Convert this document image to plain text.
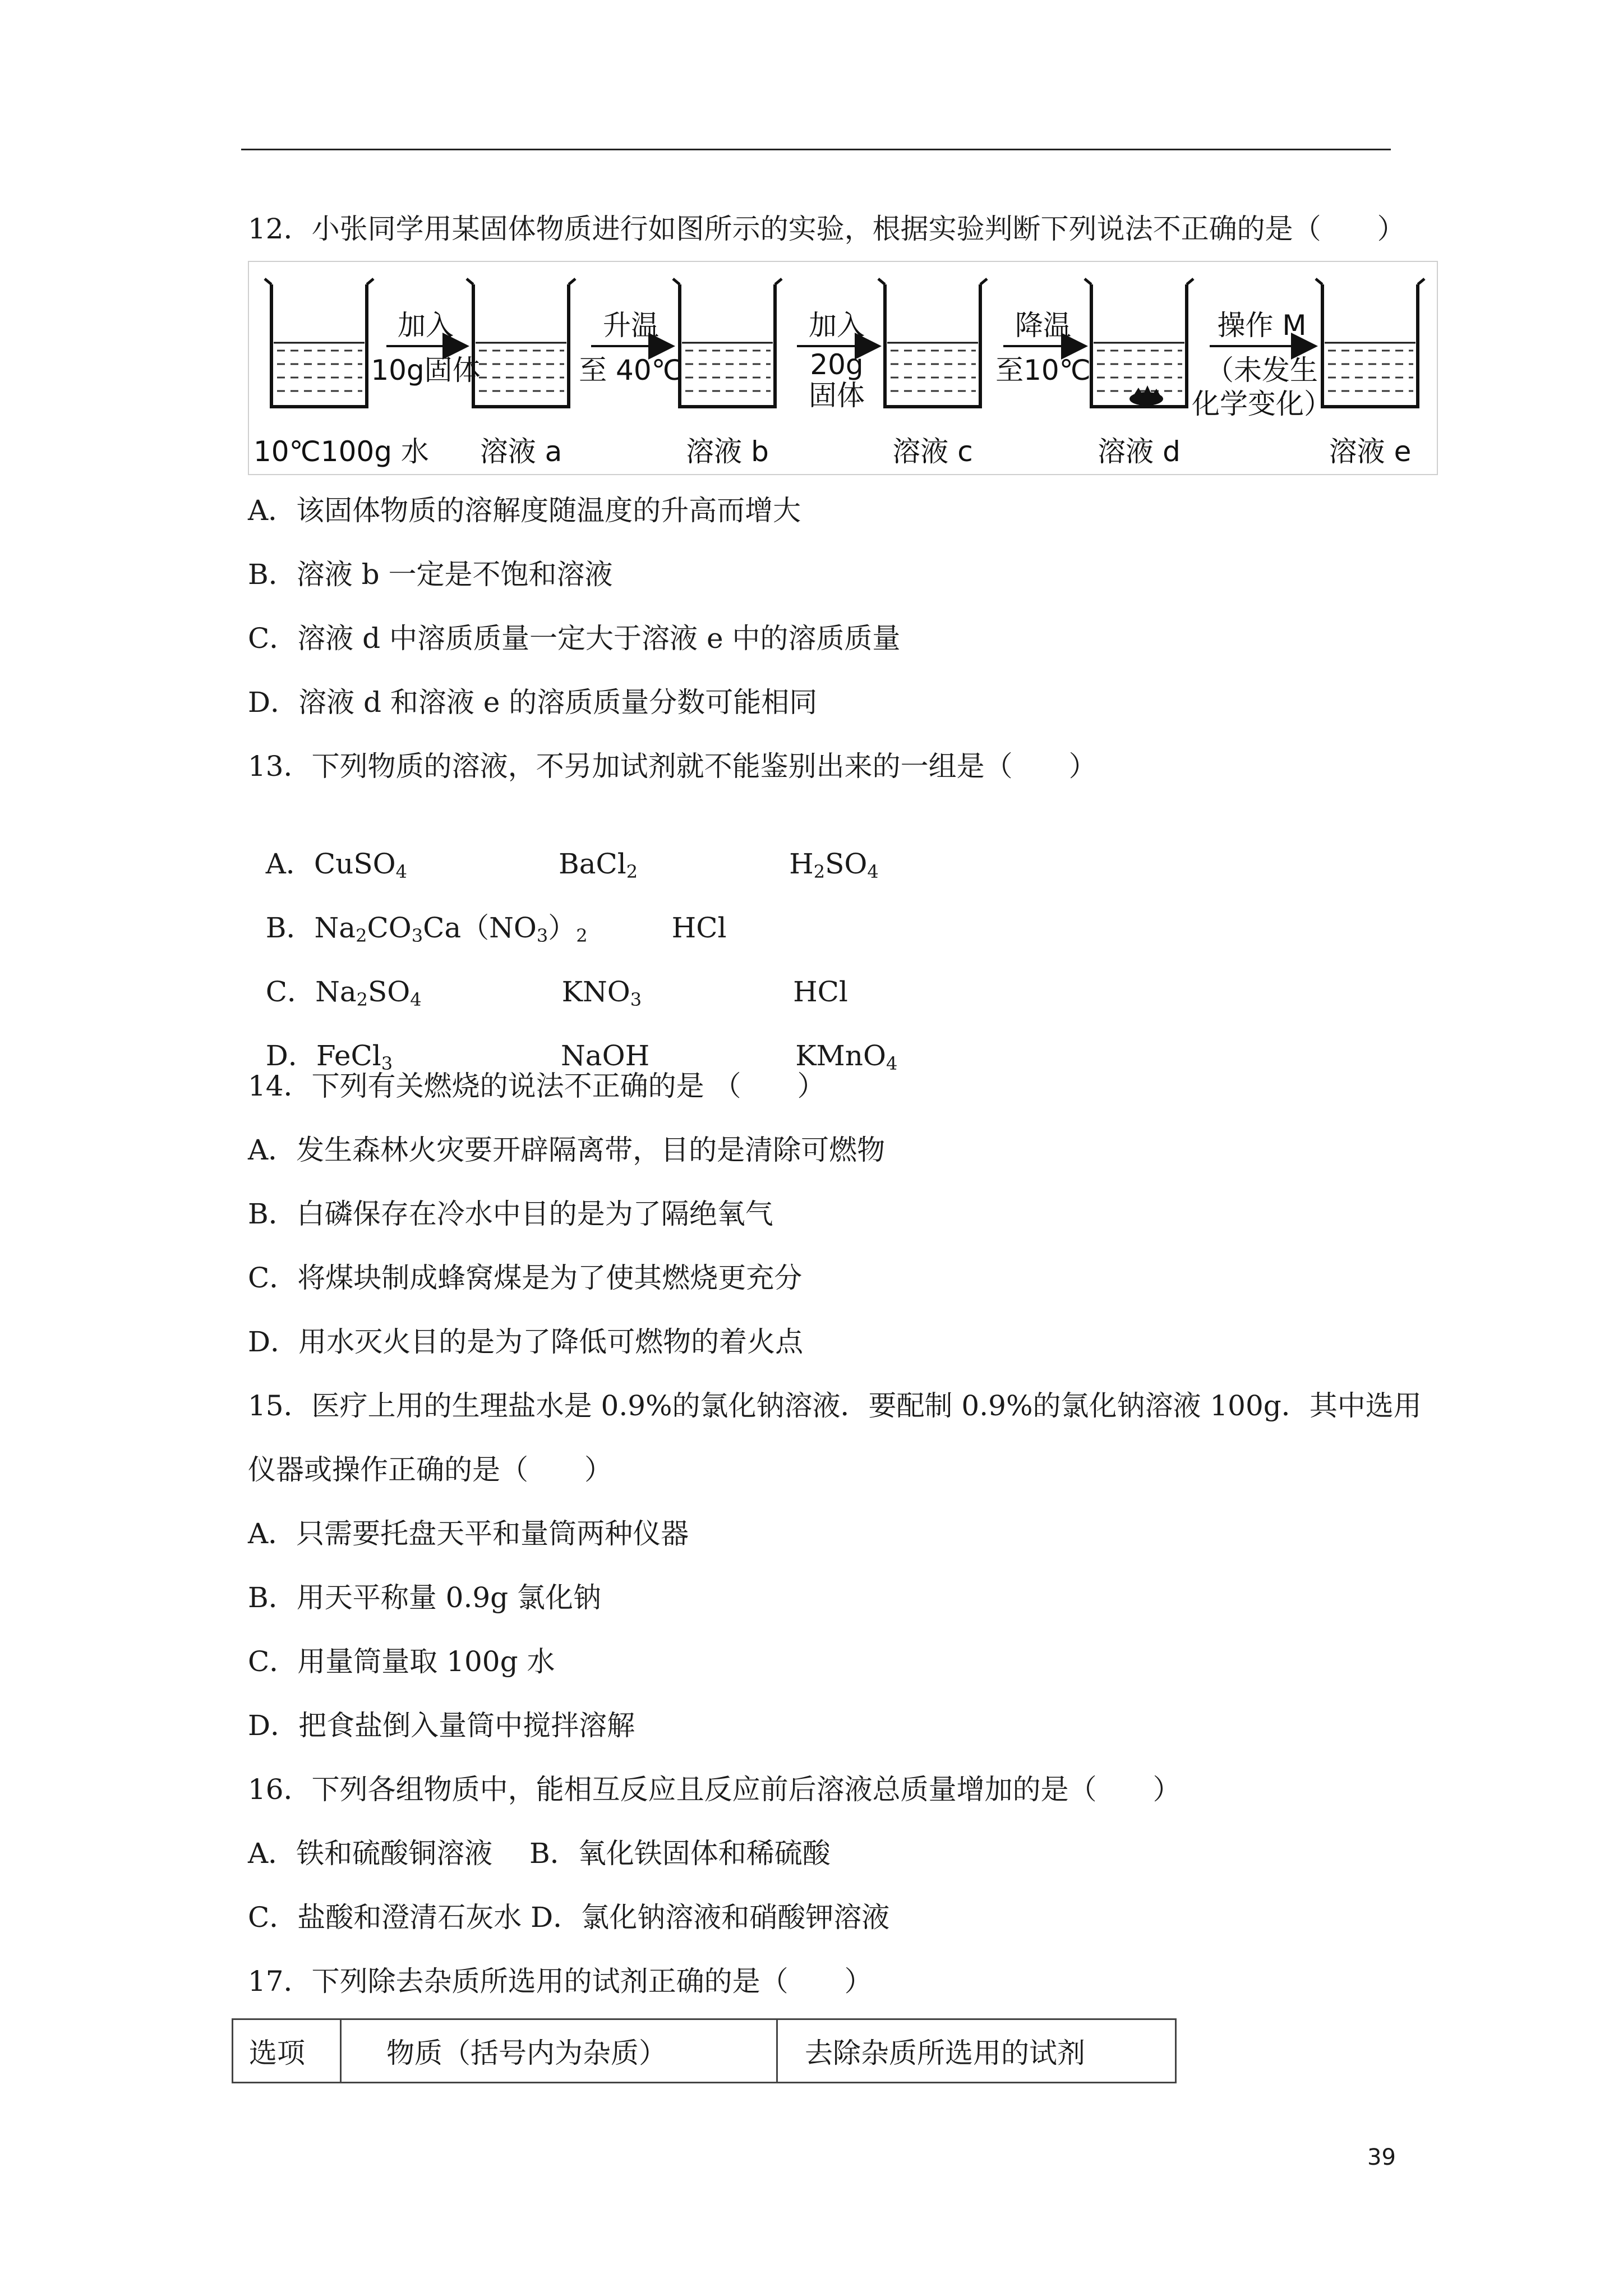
12．小张同学用某固体物质进行如图所示的实验，根据实验判断下列说法不正确的是（　　）
加入
10g固体
升温
至 40℃
加入
20g
固体
降温
至10℃
操作 M
（未发生
化学变化）
10℃100g 水 溶液 a	溶液 b	溶液 c	溶液 d	溶液 e
A．该固体物质的溶解度随温度的升高而增大
B．溶液 b 一定是不饱和溶液
C．溶液 d 中溶质质量一定大于溶液 e 中的溶质质量
D．溶液 d 和溶液 e 的溶质质量分数可能相同
13．下列物质的溶液，不另加试剂就不能鉴别出来的一组是（　　）

A．CuSO$_4$	BaCl$_2$	$H_2SO_4$

B．$Na_2CO_3Ca(NO_3)_2$	HCl

C．$Na_2SO_4$	$KNO_3$	HCl

D．FeCl$_3$	NaOH	KMnO$_4$

14．下列有关燃烧的说法不正确的是 （　　）
A．发生森林火灾要开辟隔离带，目的是清除可燃物
B．白磷保存在冷水中目的是为了隔绝氧气
C．将煤块制成蜂窝煤是为了使其燃烧更充分
D．用水灭火目的是为了降低可燃物的着火点
15．医疗上用的生理盐水是 0.9%的氯化钠溶液．要配制 0.9%的氯化钠溶液 100g．其中选用
仪器或操作正确的是（　　）
A．只需要托盘天平和量筒两种仪器
B．用天平称量 0.9g 氯化钠
C．用量筒量取 100g 水
D．把食盐倒入量筒中搅拌溶解
16．下列各组物质中，能相互反应且反应前后溶液总质量增加的是（　　）
A．铁和硫酸铜溶液　 B．氧化铁固体和稀硫酸
C．盐酸和澄清石灰水 D．氯化钠溶液和硝酸钾溶液
17．下列除去杂质所选用的试剂正确的是（　　）
选项	物质（括号内为杂质）	去除杂质所选用的试剂
39
